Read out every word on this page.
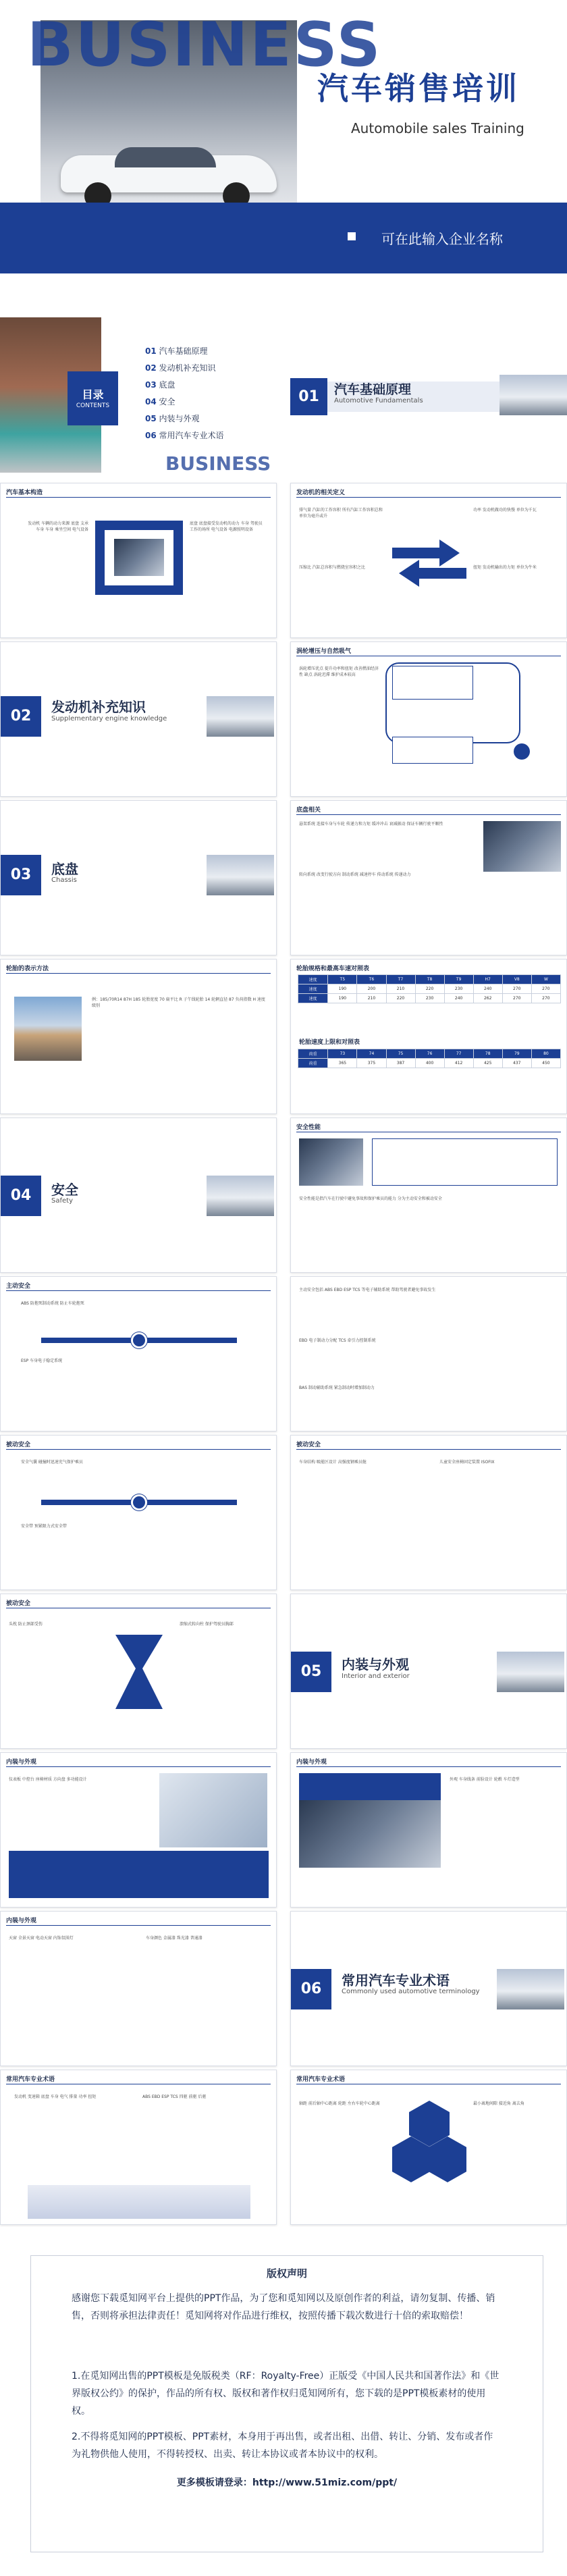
BUSINESS
汽车销售培训
Automobile sales Training
可在此输入企业名称
目录
CONTENTS
01 汽车基础原理
02 发动机补充知识
03 底盘
04 安全
05 内装与外观
06 常用汽车专业术语
BUSINESS
01	汽车基础原理
Automotive Fundamentals
汽车基本构造
发动机 车辆的动力来源 底盘 支承车身 车身 乘坐空间 电气设备
底盘 底盘接受发动机的动力 车身 驾驶员工作的场所 电气设备 电源照明设备
发动机的相关定义
排气量 汽缸的工作容积 所有汽缸工作容积总和 单位为毫升或升
压缩比 汽缸总容积与燃烧室容积之比
功率 发动机做功的快慢 单位为千瓦
扭矩 发动机输出的力矩 单位为牛米
02
发动机补充知识
Supplementary engine knowledge
涡轮增压与自然吸气
涡轮增压优点 提升功率和扭矩 改善燃油经济性 缺点 涡轮迟滞 维护成本较高
03	底盘
Chassis
底盘相关
悬架系统 连接车身与车轮 传递力和力矩 缓冲冲击 衰减振动 保证车辆行驶平顺性
转向系统 改变行驶方向 制动系统 减速停车 传动系统 传递动力
轮胎的表示方法
例：185/70R14 87H 185 轮胎宽度 70 扁平比 R 子午线轮胎 14 轮辋直径 87 负荷指数 H 速度级别
轮胎规格和最高车速对照表
速度	T5	T6	T7	T8	T9	H7	V8	W
速度	190	200	210	220	230	240	270	270
速度	190	210	220	230	240	262	270	270
轮胎速度上限和对照表
荷重	73	74	75	76	77	78	79	80
荷重	365	375	387	400	412	425	437	450
04	安全
Safety
安全性能
安全性能是指汽车在行驶中避免事故和保护乘员的能力 分为主动安全和被动安全
主动安全
ABS 防抱死制动系统 防止车轮抱死
ESP 车身电子稳定系统
主动安全包括 ABS EBD ESP TCS 等电子辅助系统 帮助驾驶者避免事故发生
EBD 电子制动力分配 TCS 牵引力控制系统
BAS 制动辅助系统 紧急制动时增加制动力
被动安全
安全气囊 碰撞时迅速充气保护乘员
安全带 预紧限力式安全带
被动安全
车身结构 吸能区设计 高强度钢乘员舱	儿童安全座椅固定装置 ISOFIX
被动安全
头枕 防止颈部受伤	溃缩式转向柱 保护驾驶员胸部
05	内装与外观
Interior and exterior
内装与外观
仪表板 中控台 座椅材质 方向盘 多功能设计
内装与外观
外观 车身线条 前脸设计 轮毂 车灯造型
内装与外观
天窗 全景天窗 电动天窗 内饰氛围灯	车身颜色 金属漆 珠光漆 普通漆
06	常用汽车专业术语
Commonly used automotive terminology
常用汽车专业术语
发动机 变速箱 底盘 车身 电气 排量 功率 扭矩	ABS EBD ESP TCS 四驱 前驱 后驱
常用汽车专业术语
轴距 前后轴中心距离 轮距 左右车轮中心距离	最小离地间隙 接近角 离去角
版权声明
感谢您下载觅知网平台上提供的PPT作品，为了您和觅知网以及原创作者的利益，请勿复制、传播、销售，否则将承担法律责任！觅知网将对作品进行维权，按照传播下载次数进行十倍的索取赔偿！
1.在觅知网出售的PPT模板是免版税类（RF：Royalty-Free）正版受《中国人民共和国著作法》和《世界版权公约》的保护，作品的所有权、版权和著作权归觅知网所有，您下载的是PPT模板素材的使用权。
2.不得将觅知网的PPT模板、PPT素材，本身用于再出售，或者出租、出借、转让、分销、发布或者作为礼物供他人使用，不得转授权、出卖、转让本协议或者本协议中的权利。
更多模板请登录：http://www.51miz.com/ppt/
